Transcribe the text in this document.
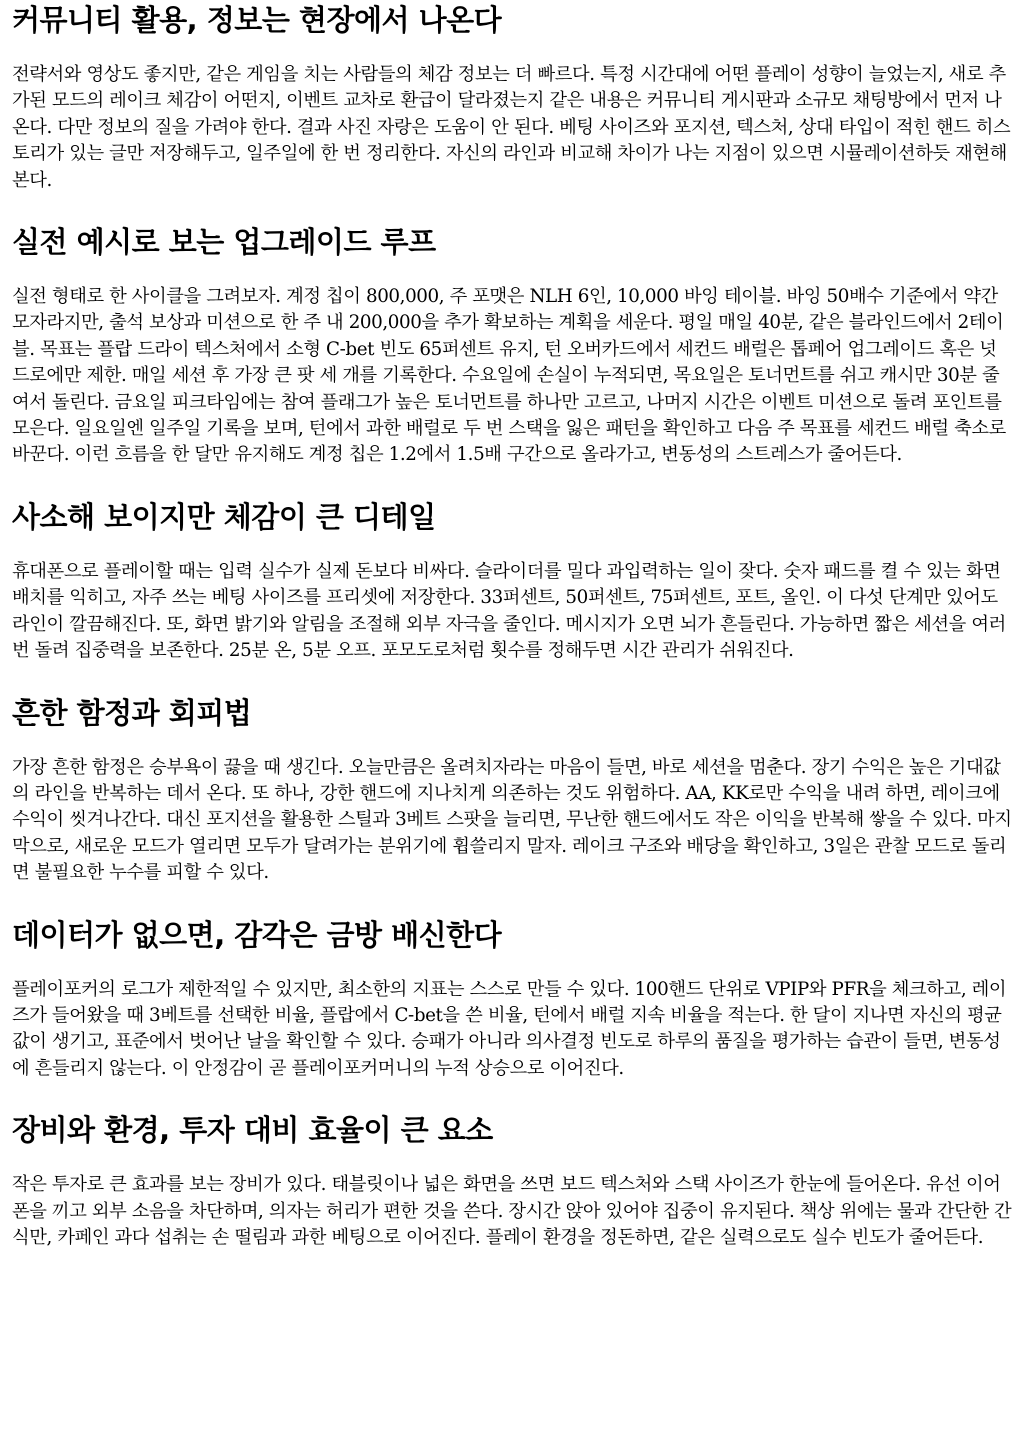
커뮤니티 활용, 정보는 현장에서 나온다

전략서와 영상도 좋지만, 같은 게임을 치는 사람들의 체감 정보는 더 빠르다. 특정 시간대에 어떤 플레이 성향이 늘었는지, 새로 추가된 모드의 레이크 체감이 어떤지, 이벤트 교차로 환급이 달라졌는지 같은 내용은 커뮤니티 게시판과 소규모 채팅방에서 먼저 나온다. 다만 정보의 질을 가려야 한다. 결과 사진 자랑은 도움이 안 된다. 베팅 사이즈와 포지션, 텍스처, 상대 타입이 적힌 핸드 히스토리가 있는 글만 저장해두고, 일주일에 한 번 정리한다. 자신의 라인과 비교해 차이가 나는 지점이 있으면 시뮬레이션하듯 재현해본다.

실전 예시로 보는 업그레이드 루프

실전 형태로 한 사이클을 그려보자. 계정 칩이 800,000, 주 포맷은 NLH 6인, 10,000 바잉 테이블. 바잉 50배수 기준에서 약간 모자라지만, 출석 보상과 미션으로 한 주 내 200,000을 추가 확보하는 계획을 세운다. 평일 매일 40분, 같은 블라인드에서 2테이블. 목표는 플랍 드라이 텍스처에서 소형 C-bet 빈도 65퍼센트 유지, 턴 오버카드에서 세컨드 배럴은 톱페어 업그레이드 혹은 넛드로에만 제한. 매일 세션 후 가장 큰 팟 세 개를 기록한다. 수요일에 손실이 누적되면, 목요일은 토너먼트를 쉬고 캐시만 30분 줄여서 돌린다. 금요일 피크타임에는 참여 플래그가 높은 토너먼트를 하나만 고르고, 나머지 시간은 이벤트 미션으로 돌려 포인트를 모은다. 일요일엔 일주일 기록을 보며, 턴에서 과한 배럴로 두 번 스택을 잃은 패턴을 확인하고 다음 주 목표를 세컨드 배럴 축소로 바꾼다. 이런 흐름을 한 달만 유지해도 계정 칩은 1.2에서 1.5배 구간으로 올라가고, 변동성의 스트레스가 줄어든다.

사소해 보이지만 체감이 큰 디테일

휴대폰으로 플레이할 때는 입력 실수가 실제 돈보다 비싸다. 슬라이더를 밀다 과입력하는 일이 잦다. 숫자 패드를 켤 수 있는 화면 배치를 익히고, 자주 쓰는 베팅 사이즈를 프리셋에 저장한다. 33퍼센트, 50퍼센트, 75퍼센트, 포트, 올인. 이 다섯 단계만 있어도 라인이 깔끔해진다. 또, 화면 밝기와 알림을 조절해 외부 자극을 줄인다. 메시지가 오면 뇌가 흔들린다. 가능하면 짧은 세션을 여러 번 돌려 집중력을 보존한다. 25분 온, 5분 오프. 포모도로처럼 횟수를 정해두면 시간 관리가 쉬워진다.

흔한 함정과 회피법

가장 흔한 함정은 승부욕이 끓을 때 생긴다. 오늘만큼은 올려치자라는 마음이 들면, 바로 세션을 멈춘다. 장기 수익은 높은 기대값의 라인을 반복하는 데서 온다. 또 하나, 강한 핸드에 지나치게 의존하는 것도 위험하다. AA, KK로만 수익을 내려 하면, 레이크에 수익이 씻겨나간다. 대신 포지션을 활용한 스틸과 3베트 스팟을 늘리면, 무난한 핸드에서도 작은 이익을 반복해 쌓을 수 있다. 마지막으로, 새로운 모드가 열리면 모두가 달려가는 분위기에 휩쓸리지 말자. 레이크 구조와 배당을 확인하고, 3일은 관찰 모드로 돌리면 불필요한 누수를 피할 수 있다.

데이터가 없으면, 감각은 금방 배신한다

플레이포커의 로그가 제한적일 수 있지만, 최소한의 지표는 스스로 만들 수 있다. 100핸드 단위로 VPIP와 PFR을 체크하고, 레이즈가 들어왔을 때 3베트를 선택한 비율, 플랍에서 C-bet을 쓴 비율, 턴에서 배럴 지속 비율을 적는다. 한 달이 지나면 자신의 평균값이 생기고, 표준에서 벗어난 날을 확인할 수 있다. 승패가 아니라 의사결정 빈도로 하루의 품질을 평가하는 습관이 들면, 변동성에 흔들리지 않는다. 이 안정감이 곧 플레이포커머니의 누적 상승으로 이어진다.

장비와 환경, 투자 대비 효율이 큰 요소

작은 투자로 큰 효과를 보는 장비가 있다. 태블릿이나 넓은 화면을 쓰면 보드 텍스처와 스택 사이즈가 한눈에 들어온다. 유선 이어폰을 끼고 외부 소음을 차단하며, 의자는 허리가 편한 것을 쓴다. 장시간 앉아 있어야 집중이 유지된다. 책상 위에는 물과 간단한 간식만, 카페인 과다 섭취는 손 떨림과 과한 베팅으로 이어진다. 플레이 환경을 정돈하면, 같은 실력으로도 실수 빈도가 줄어든다.
